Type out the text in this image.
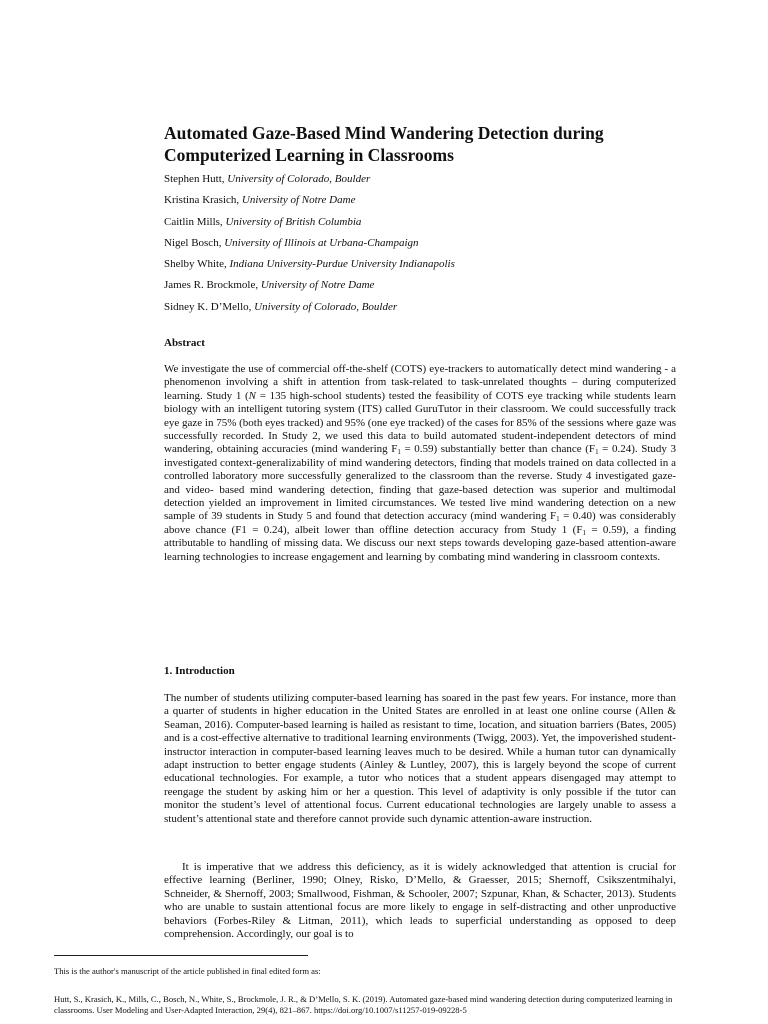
Automated Gaze-Based Mind Wandering Detection during Computerized Learning in Classrooms
Stephen Hutt, University of Colorado, Boulder
Kristina Krasich, University of Notre Dame
Caitlin Mills, University of British Columbia
Nigel Bosch, University of Illinois at Urbana-Champaign
Shelby White, Indiana University-Purdue University Indianapolis
James R. Brockmole, University of Notre Dame
Sidney K. D’Mello, University of Colorado, Boulder
Abstract

We investigate the use of commercial off-the-shelf (COTS) eye-trackers to automatically detect mind wandering - a phenomenon involving a shift in attention from task-related to task-unrelated thoughts – during computerized learning. Study 1 (N = 135 high-school students) tested the feasibility of COTS eye tracking while students learn biology with an intelligent tutoring system (ITS) called GuruTutor in their classroom. We could successfully track eye gaze in 75% (both eyes tracked) and 95% (one eye tracked) of the cases for 85% of the sessions where gaze was successfully recorded. In Study 2, we used this data to build automated student-independent detectors of mind wandering, obtaining accuracies (mind wandering $F_1 = 0.59$) substantially better than chance $(F_1 = 0.24)$. Study 3 investigated context-generalizability of mind wandering detectors, finding that models trained on data collected in a controlled laboratory more successfully generalized to the classroom than the reverse. Study 4 investigated gaze- and video- based mind wandering detection, finding that gaze-based detection was superior and multimodal detection yielded an improvement in limited circumstances. We tested live mind wandering detection on a new sample of 39 students in Study 5 and found that detection accuracy (mind wandering $F_1 = 0.40$) was considerably above chance (F1 = 0.24), albeit lower than offline detection accuracy from Study 1 $(F_1 = 0.59)$, a finding attributable to handling of missing data. We discuss our next steps towards developing gaze-based attention-aware learning technologies to increase engagement and learning by combating mind wandering in classroom contexts.

1. Introduction

The number of students utilizing computer-based learning has soared in the past few years. For instance, more than a quarter of students in higher education in the United States are enrolled in at least one online course (Allen & Seaman, 2016). Computer-based learning is hailed as resistant to time, location, and situation barriers (Bates, 2005) and is a cost-effective alternative to traditional learning environments (Twigg, 2003). Yet, the impoverished student-instructor interaction in computer-based learning leaves much to be desired. While a human tutor can dynamically adapt instruction to better engage students (Ainley & Luntley, 2007), this is largely beyond the scope of current educational technologies. For example, a tutor who notices that a student appears disengaged may attempt to reengage the student by asking him or her a question. This level of adaptivity is only possible if the tutor can monitor the student’s level of attentional focus. Current educational technologies are largely unable to assess a student’s attentional state and therefore cannot provide such dynamic attention-aware instruction.

It is imperative that we address this deficiency, as it is widely acknowledged that attention is crucial for effective learning (Berliner, 1990; Olney, Risko, D’Mello, & Graesser, 2015; Shernoff, Csikszentmihalyi, Schneider, & Shernoff, 2003; Smallwood, Fishman, & Schooler, 2007; Szpunar, Khan, & Schacter, 2013). Students who are unable to sustain attentional focus are more likely to engage in self-distracting and other unproductive behaviors (Forbes-Riley & Litman, 2011), which leads to superficial understanding as opposed to deep comprehension. Accordingly, our goal is to

This is the author's manuscript of the article published in final edited form as:

Hutt, S., Krasich, K., Mills, C., Bosch, N., White, S., Brockmole, J. R., & D’Mello, S. K. (2019). Automated gaze-based mind wandering detection during computerized learning in classrooms. User Modeling and User-Adapted Interaction, 29(4), 821–867. https://doi.org/10.1007/s11257-019-09228-5
